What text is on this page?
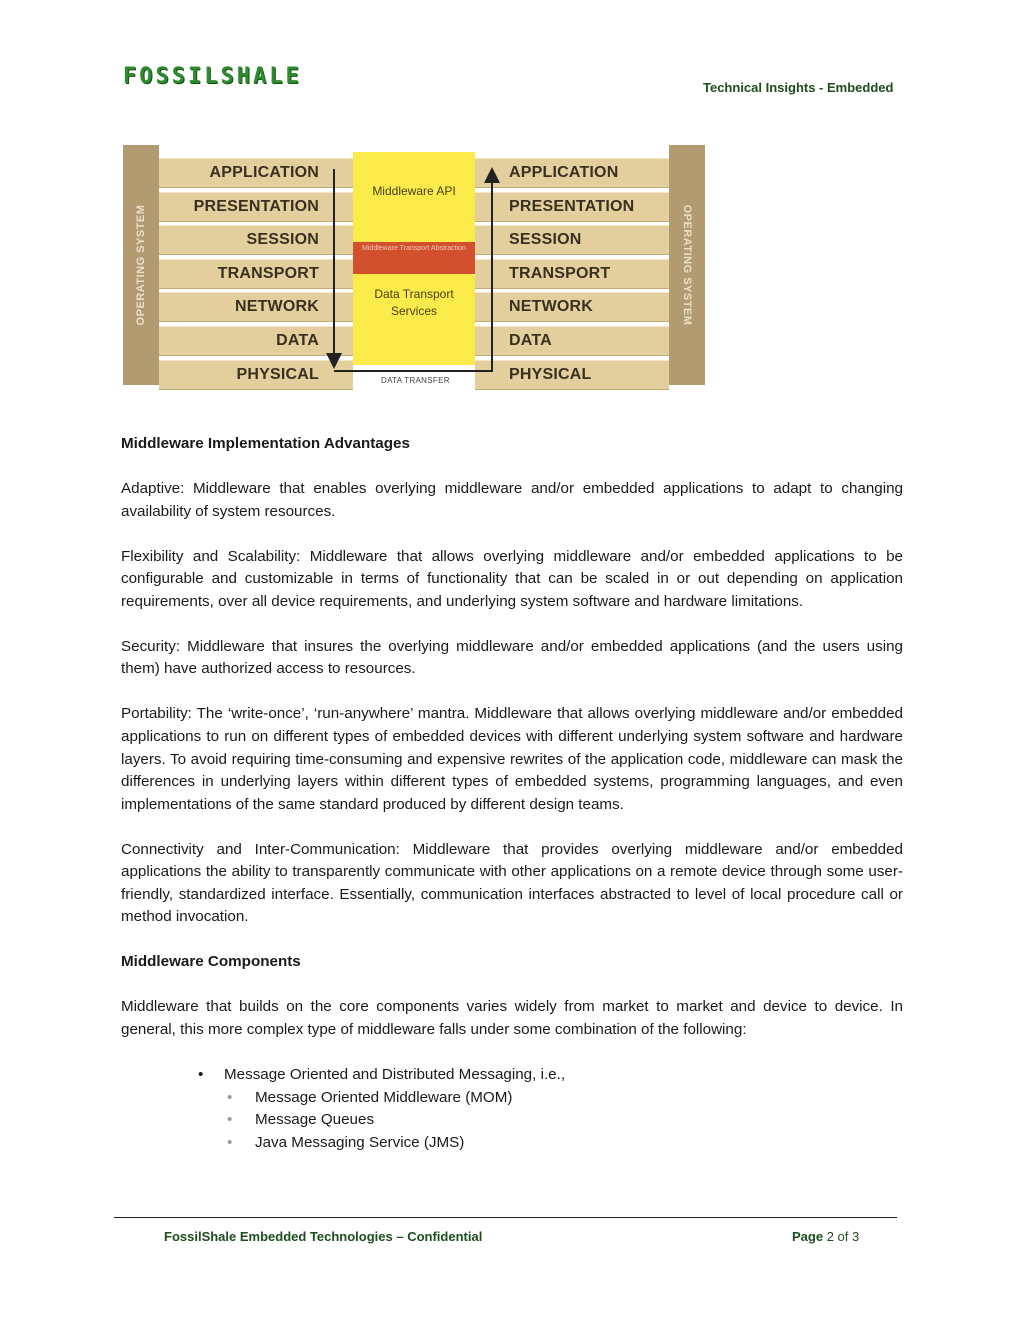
FOSSILSHALE	Technical Insights - Embedded
OPERATING SYSTEM	OPERATING SYSTEM
APPLICATION
PRESENTATION
SESSION
TRANSPORT
NETWORK
DATA
PHYSICAL
Middleware API
Middleware Transport Abstraction
Data Transport Services
APPLICATION
PRESENTATION
SESSION
TRANSPORT
NETWORK
DATA
PHYSICAL
DATA TRANSFER
Middleware Implementation Advantages

Adaptive: Middleware that enables overlying middleware and/or embedded applications to adapt to changing availability of system resources.

Flexibility and Scalability: Middleware that allows overlying middleware and/or embedded applications to be configurable and customizable in terms of functionality that can be scaled in or out depending on application requirements, over all device requirements, and underlying system software and hardware limitations.

Security: Middleware that insures the overlying middleware and/or embedded applications (and the users using them) have authorized access to resources.

Portability: The ‘write-once’, ‘run-anywhere’ mantra. Middleware that allows overlying middleware and/or embedded applications to run on different types of embedded devices with different underlying system software and hardware layers. To avoid requiring time-consuming and expensive rewrites of the application code, middleware can mask the differences in underlying layers within different types of embedded systems, programming languages, and even implementations of the same standard produced by different design teams.

Connectivity and Inter-Communication: Middleware that provides overlying middleware and/or embedded applications the ability to transparently communicate with other applications on a remote device through some user-friendly, standardized interface. Essentially, communication interfaces abstracted to level of local procedure call or method invocation.

Middleware Components

Middleware that builds on the core components varies widely from market to market and device to device. In general, this more complex type of middleware falls under some combination of the following:

• Message Oriented and Distributed Messaging, i.e.,
• Message Oriented Middleware (MOM)
• Message Queues
• Java Messaging Service (JMS)
FossilShale Embedded Technologies – Confidential	Page 2 of 3
